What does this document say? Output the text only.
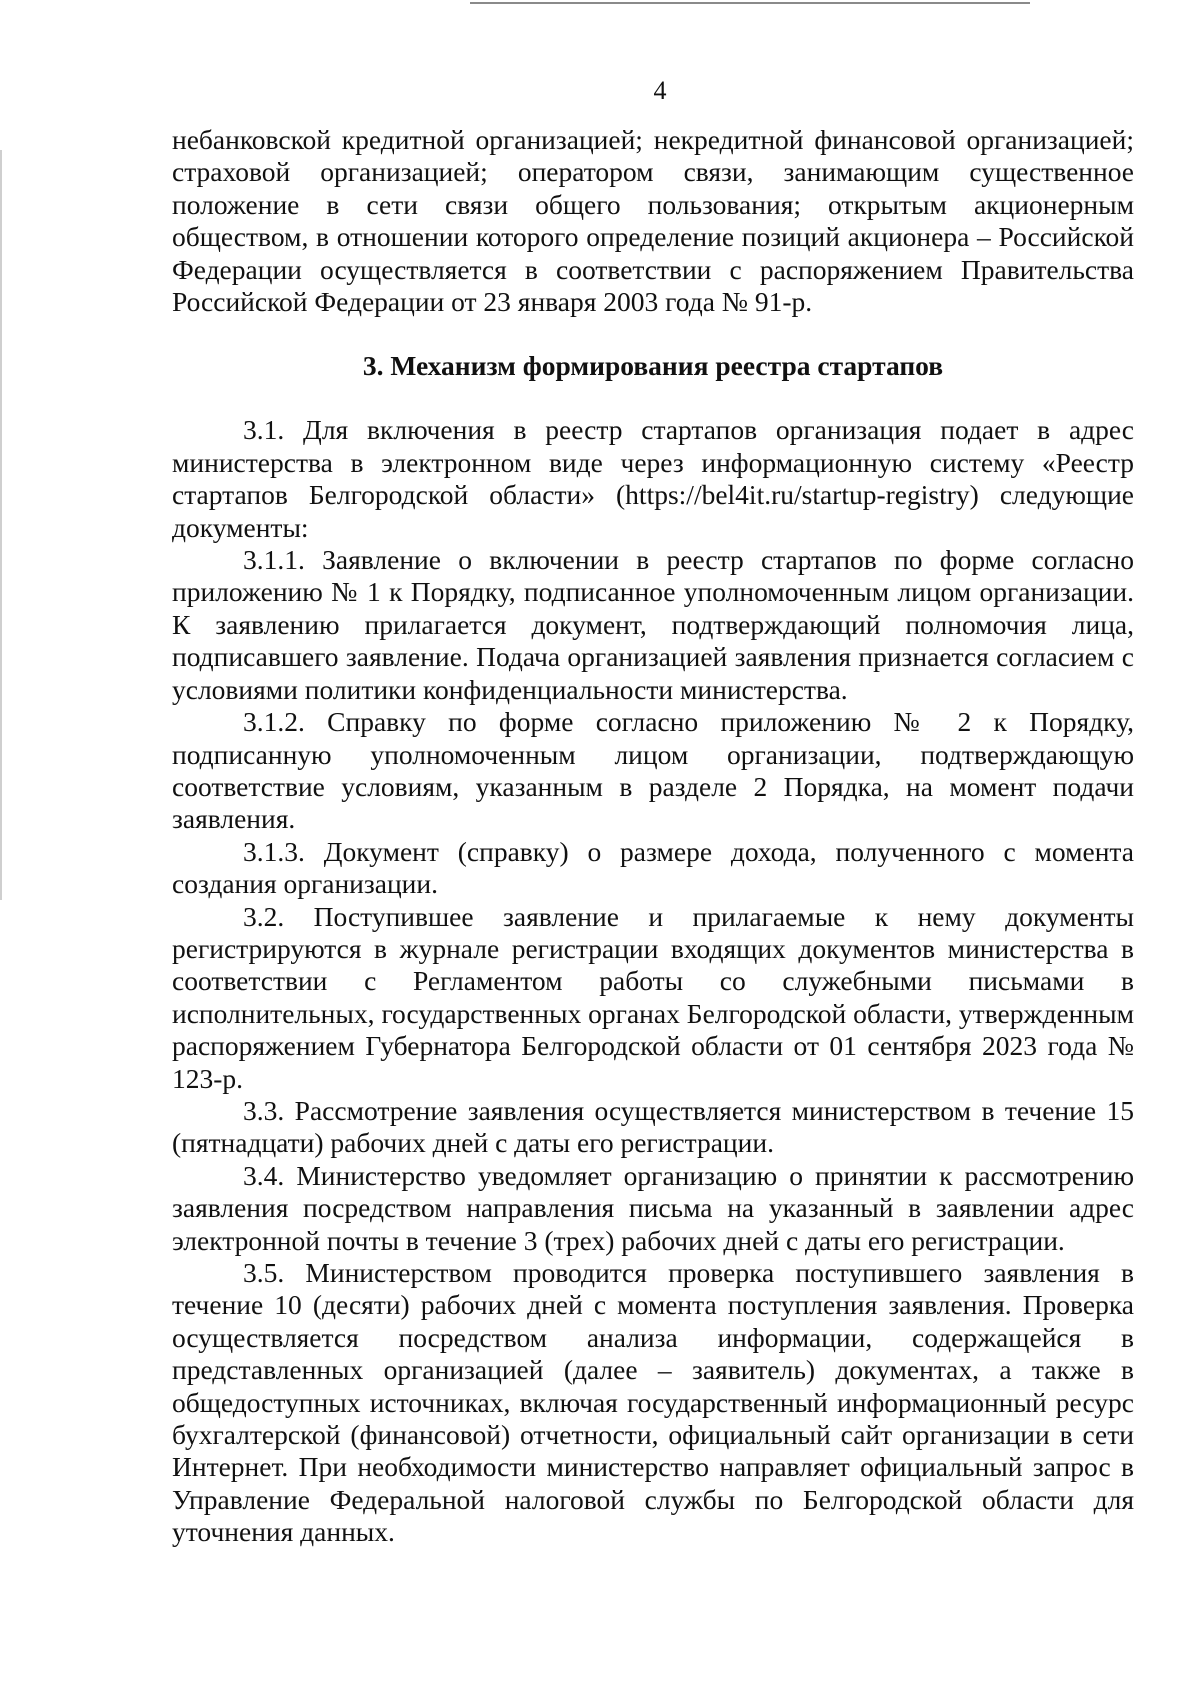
4

небанковской кредитной организацией; некредитной финансовой организацией; страховой организацией; оператором связи, занимающим существенное положение в сети связи общего пользования; открытым акционерным обществом, в отношении которого определение позиций акционера – Российской Федерации осуществляется в соответствии с распоряжением Правительства Российской Федерации от 23 января 2003 года № 91-р.

3. Механизм формирования реестра стартапов

3.1. Для включения в реестр стартапов организация подает в адрес министерства в электронном виде через информационную систему «Реестр стартапов Белгородской области» (https://bel4it.ru/startup-registry) следующие документы:

3.1.1. Заявление о включении в реестр стартапов по форме согласно приложению № 1 к Порядку, подписанное уполномоченным лицом организации. К заявлению прилагается документ, подтверждающий полномочия лица, подписавшего заявление. Подача организацией заявления признается согласием с условиями политики конфиденциальности министерства.

3.1.2. Справку по форме согласно приложению № 2 к Порядку, подписанную уполномоченным лицом организации, подтверждающую соответствие условиям, указанным в разделе 2 Порядка, на момент подачи заявления.

3.1.3. Документ (справку) о размере дохода, полученного с момента создания организации.

3.2. Поступившее заявление и прилагаемые к нему документы регистрируются в журнале регистрации входящих документов министерства в соответствии с Регламентом работы со служебными письмами в исполнительных, государственных органах Белгородской области, утвержденным распоряжением Губернатора Белгородской области от 01 сентября 2023 года № 123-р.

3.3. Рассмотрение заявления осуществляется министерством в течение 15 (пятнадцати) рабочих дней с даты его регистрации.

3.4. Министерство уведомляет организацию о принятии к рассмотрению заявления посредством направления письма на указанный в заявлении адрес электронной почты в течение 3 (трех) рабочих дней с даты его регистрации.

3.5. Министерством проводится проверка поступившего заявления в течение 10 (десяти) рабочих дней с момента поступления заявления. Проверка осуществляется посредством анализа информации, содержащейся в представленных организацией (далее – заявитель) документах, а также в общедоступных источниках, включая государственный информационный ресурс бухгалтерской (финансовой) отчетности, официальный сайт организации в сети Интернет. При необходимости министерство направляет официальный запрос в Управление Федеральной налоговой службы по Белгородской области для уточнения данных.
